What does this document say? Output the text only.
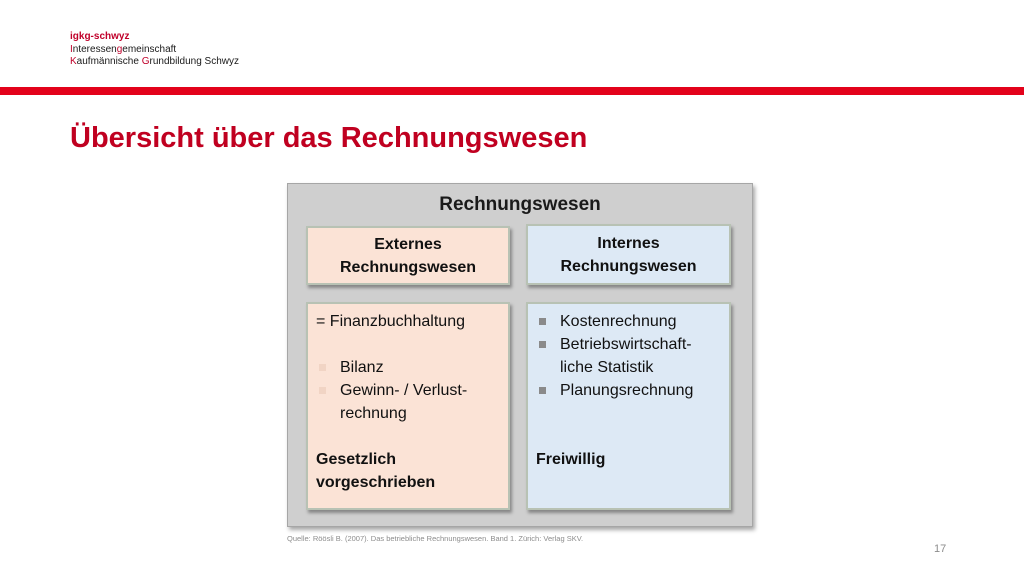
igkg-schwyz
Interessengemeinschaft
Kaufmännische Grundbildung Schwyz
Übersicht über das Rechnungswesen
Rechnungswesen
Externes
Rechnungswesen
Internes
Rechnungswesen
= Finanzbuchhaltung
Bilanz
Gewinn- / Verlust-
rechnung
Gesetzlich
vorgeschrieben
Kostenrechnung
Betriebswirtschaft-
liche Statistik
Planungsrechnung
Freiwillig
Quelle: Röösli B. (2007). Das betriebliche Rechnungswesen. Band 1. Zürich: Verlag SKV.
17
